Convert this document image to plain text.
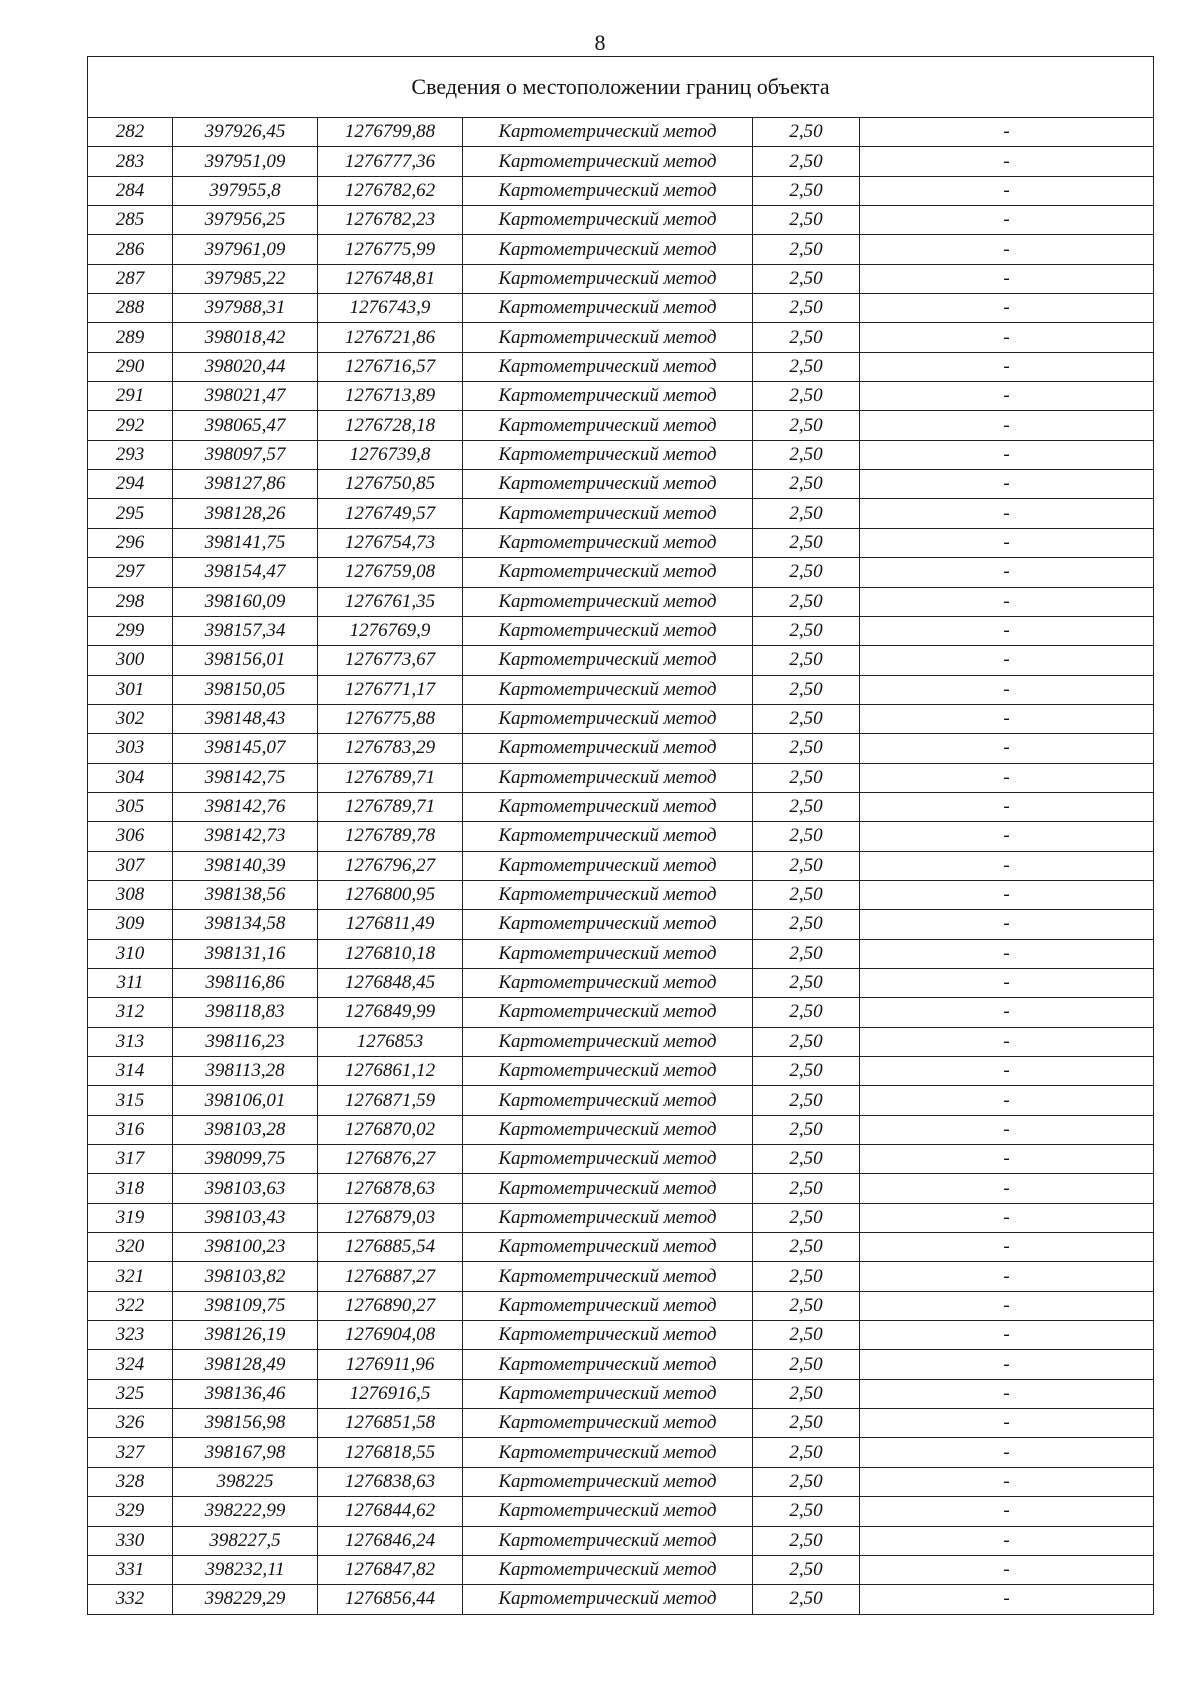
8
Сведения о местоположении границ объекта					
282	397926,45	1276799,88	Картометрический метод	2,50	-
283	397951,09	1276777,36	Картометрический метод	2,50	-
284	397955,8	1276782,62	Картометрический метод	2,50	-
285	397956,25	1276782,23	Картометрический метод	2,50	-
286	397961,09	1276775,99	Картометрический метод	2,50	-
287	397985,22	1276748,81	Картометрический метод	2,50	-
288	397988,31	1276743,9	Картометрический метод	2,50	-
289	398018,42	1276721,86	Картометрический метод	2,50	-
290	398020,44	1276716,57	Картометрический метод	2,50	-
291	398021,47	1276713,89	Картометрический метод	2,50	-
292	398065,47	1276728,18	Картометрический метод	2,50	-
293	398097,57	1276739,8	Картометрический метод	2,50	-
294	398127,86	1276750,85	Картометрический метод	2,50	-
295	398128,26	1276749,57	Картометрический метод	2,50	-
296	398141,75	1276754,73	Картометрический метод	2,50	-
297	398154,47	1276759,08	Картометрический метод	2,50	-
298	398160,09	1276761,35	Картометрический метод	2,50	-
299	398157,34	1276769,9	Картометрический метод	2,50	-
300	398156,01	1276773,67	Картометрический метод	2,50	-
301	398150,05	1276771,17	Картометрический метод	2,50	-
302	398148,43	1276775,88	Картометрический метод	2,50	-
303	398145,07	1276783,29	Картометрический метод	2,50	-
304	398142,75	1276789,71	Картометрический метод	2,50	-
305	398142,76	1276789,71	Картометрический метод	2,50	-
306	398142,73	1276789,78	Картометрический метод	2,50	-
307	398140,39	1276796,27	Картометрический метод	2,50	-
308	398138,56	1276800,95	Картометрический метод	2,50	-
309	398134,58	1276811,49	Картометрический метод	2,50	-
310	398131,16	1276810,18	Картометрический метод	2,50	-
311	398116,86	1276848,45	Картометрический метод	2,50	-
312	398118,83	1276849,99	Картометрический метод	2,50	-
313	398116,23	1276853	Картометрический метод	2,50	-
314	398113,28	1276861,12	Картометрический метод	2,50	-
315	398106,01	1276871,59	Картометрический метод	2,50	-
316	398103,28	1276870,02	Картометрический метод	2,50	-
317	398099,75	1276876,27	Картометрический метод	2,50	-
318	398103,63	1276878,63	Картометрический метод	2,50	-
319	398103,43	1276879,03	Картометрический метод	2,50	-
320	398100,23	1276885,54	Картометрический метод	2,50	-
321	398103,82	1276887,27	Картометрический метод	2,50	-
322	398109,75	1276890,27	Картометрический метод	2,50	-
323	398126,19	1276904,08	Картометрический метод	2,50	-
324	398128,49	1276911,96	Картометрический метод	2,50	-
325	398136,46	1276916,5	Картометрический метод	2,50	-
326	398156,98	1276851,58	Картометрический метод	2,50	-
327	398167,98	1276818,55	Картометрический метод	2,50	-
328	398225	1276838,63	Картометрический метод	2,50	-
329	398222,99	1276844,62	Картометрический метод	2,50	-
330	398227,5	1276846,24	Картометрический метод	2,50	-
331	398232,11	1276847,82	Картометрический метод	2,50	-
332	398229,29	1276856,44	Картометрический метод	2,50	-
